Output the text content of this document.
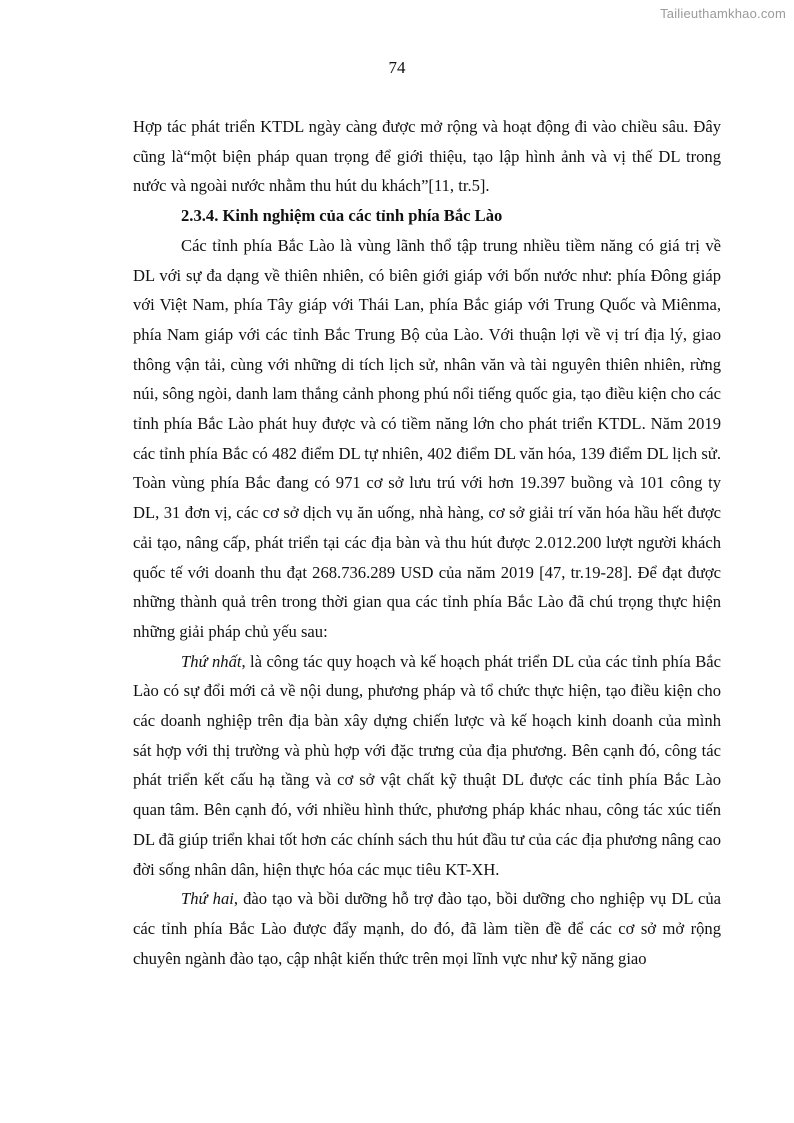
Tailieuthamkhao.com
74

Hợp tác phát triển KTDL ngày càng được mở rộng và hoạt động đi vào chiều sâu. Đây cũng là“một biện pháp quan trọng để giới thiệu, tạo lập hình ảnh và vị thế DL trong nước và ngoài nước nhằm thu hút du khách”[11, tr.5].

2.3.4. Kinh nghiệm của các tỉnh phía Bắc Lào

Các tỉnh phía Bắc Lào là vùng lãnh thổ tập trung nhiều tiềm năng có giá trị về DL với sự đa dạng về thiên nhiên, có biên giới giáp với bốn nước như: phía Đông giáp với Việt Nam, phía Tây giáp với Thái Lan, phía Bắc giáp với Trung Quốc và Miênma, phía Nam giáp với các tỉnh Bắc Trung Bộ của Lào. Với thuận lợi về vị trí địa lý, giao thông vận tải, cùng với những di tích lịch sử, nhân văn và tài nguyên thiên nhiên, rừng núi, sông ngòi, danh lam thắng cảnh phong phú nổi tiếng quốc gia, tạo điều kiện cho các tỉnh phía Bắc Lào phát huy được và có tiềm năng lớn cho phát triển KTDL. Năm 2019 các tỉnh phía Bắc có 482 điểm DL tự nhiên, 402 điểm DL văn hóa, 139 điểm DL lịch sử. Toàn vùng phía Bắc đang có 971 cơ sở lưu trú với hơn 19.397 buồng và 101 công ty DL, 31 đơn vị, các cơ sở dịch vụ ăn uống, nhà hàng, cơ sở giải trí văn hóa hầu hết được cải tạo, nâng cấp, phát triển tại các địa bàn và thu hút được 2.012.200 lượt người khách quốc tế với doanh thu đạt 268.736.289 USD của năm 2019 [47, tr.19-28]. Để đạt được những thành quả trên trong thời gian qua các tỉnh phía Bắc Lào đã chú trọng thực hiện những giải pháp chủ yếu sau:

Thứ nhất, là công tác quy hoạch và kế hoạch phát triển DL của các tỉnh phía Bắc Lào có sự đổi mới cả về nội dung, phương pháp và tổ chức thực hiện, tạo điều kiện cho các doanh nghiệp trên địa bàn xây dựng chiến lược và kế hoạch kinh doanh của mình sát hợp với thị trường và phù hợp với đặc trưng của địa phương. Bên cạnh đó, công tác phát triển kết cấu hạ tầng và cơ sở vật chất kỹ thuật DL được các tỉnh phía Bắc Lào quan tâm. Bên cạnh đó, với nhiều hình thức, phương pháp khác nhau, công tác xúc tiến DL đã giúp triển khai tốt hơn các chính sách thu hút đầu tư của các địa phương nâng cao đời sống nhân dân, hiện thực hóa các mục tiêu KT-XH.

Thứ hai, đào tạo và bồi dưỡng hỗ trợ đào tạo, bồi dưỡng cho nghiệp vụ DL của các tỉnh phía Bắc Lào được đẩy mạnh, do đó, đã làm tiền đề để các cơ sở mở rộng chuyên ngành đào tạo, cập nhật kiến thức trên mọi lĩnh vực như kỹ năng giao
